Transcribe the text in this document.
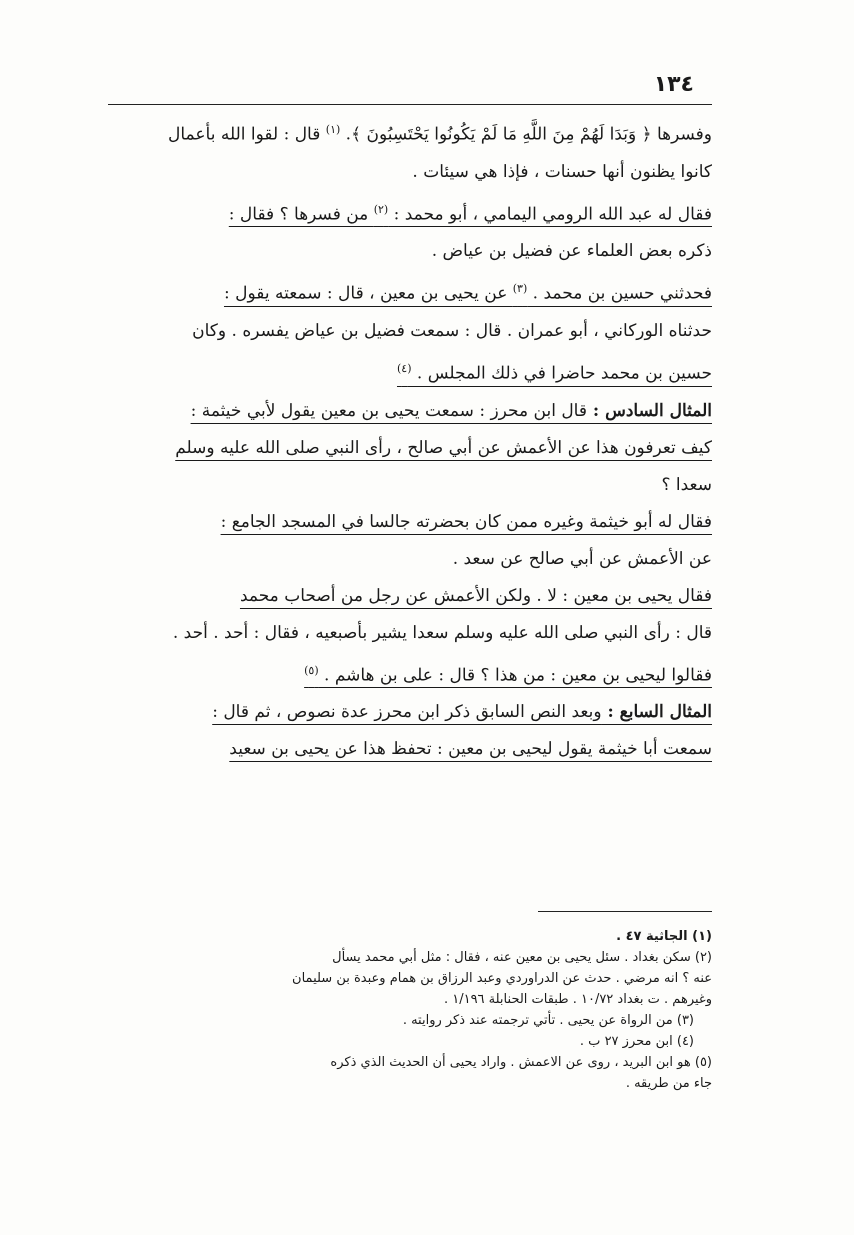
١٣٤

وفسرها ﴿ وَبَدَا لَهُمْ مِنَ اللَّهِ مَا لَمْ يَكُونُوا يَحْتَسِبُونَ ﴾. $^{(١)}$ قال : لقوا الله بأعمال

كانوا يظنون أنها حسنات ، فإذا هي سيئات .

فقال له عبد الله الرومي اليمامي ، أبو محمد : $^{(٢)}$ من فسرها ؟ فقال :

ذكره بعض العلماء عن فضيل بن عياض .

فحدثني حسين بن محمد . $^{(٣)}$ عن يحيى بن معين ، قال : سمعته يقول :

حدثناه الوركاني ، أبو عمران . قال : سمعت فضيل بن عياض يفسره . وكان

حسين بن محمد حاضرا في ذلك المجلس . $^{(٤)}$

المثال السادس : قال ابن محرز : سمعت يحيى بن معين يقول لأبي خيثمة :

كيف تعرفون هذا عن الأعمش عن أبي صالح ، رأى النبي صلى الله عليه وسلم

سعدا ؟

فقال له أبو خيثمة وغيره ممن كان بحضرته جالسا في المسجد الجامع :

عن الأعمش عن أبي صالح عن سعد .

فقال يحيى بن معين : لا . ولكن الأعمش عن رجل من أصحاب محمد

قال : رأى النبي صلى الله عليه وسلم سعدا يشير بأصبعيه ، فقال : أحد . أحد .

فقالوا ليحيى بن معين : من هذا ؟ قال : على بن هاشم . $^{(٥)}$

المثال السابع : وبعد النص السابق ذكر ابن محرز عدة نصوص ، ثم قال :

سمعت أبا خيثمة يقول ليحيى بن معين : تحفظ هذا عن يحيى بن سعيد

(١) الجاثية ٤٧ .

(٢) سكن بغداد . سئل يحيى بن معين عنه ، فقال : مثل أبي محمد يسأل

عنه ؟ انه مرضي . حدث عن الدراوردي وعبد الرزاق بن همام وعبدة بن سليمان

وغيرهم . ت بغداد ١٠/٧٢ . طبقات الحنابلة ١/١٩٦ .

(٣) من الرواة عن يحيى . تأتي ترجمته عند ذكر روايته .

(٤) ابن محرز ٢٧ ب .

(٥) هو ابن البريد ، روى عن الاعمش . واراد يحيى أن الحديث الذي ذكره

جاء من طريقه .
